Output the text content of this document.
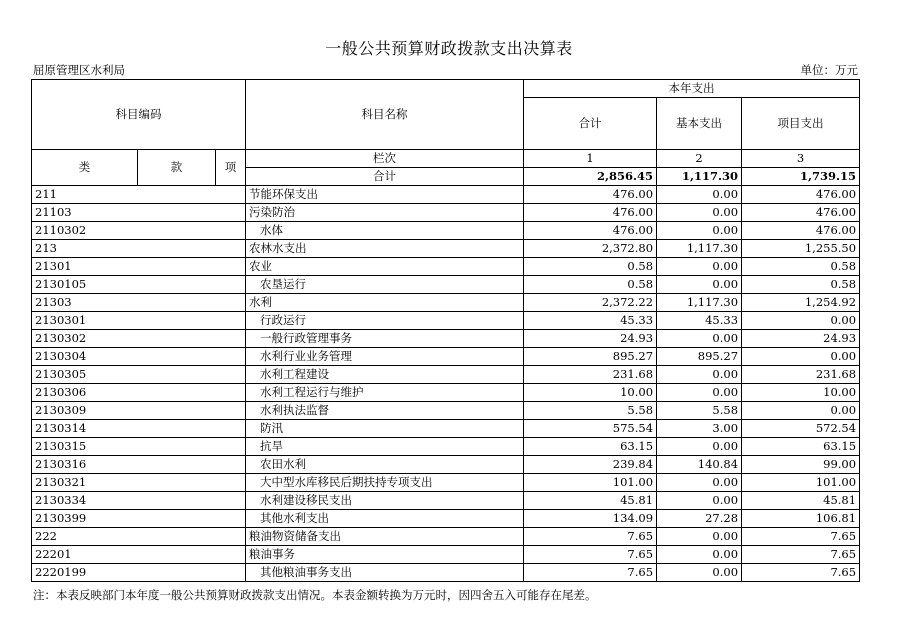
一般公共预算财政拨款支出决算表
屈原管理区水利局	单位：万元
科目编码			科目名称	本年支出		
				合计	基本支出	项目支出

类	款	项	栏次	1	2	3
			合计	2,856.45	1,117.30	1,739.15
211			节能环保支出	476.00	0.00	476.00
21103			污染防治	476.00	0.00	476.00
2110302			水体	476.00	0.00	476.00
213			农林水支出	2,372.80	1,117.30	1,255.50
21301			农业	0.58	0.00	0.58
2130105			农垦运行	0.58	0.00	0.58
21303			水利	2,372.22	1,117.30	1,254.92
2130301			行政运行	45.33	45.33	0.00
2130302			一般行政管理事务	24.93	0.00	24.93
2130304			水利行业业务管理	895.27	895.27	0.00
2130305			水利工程建设	231.68	0.00	231.68
2130306			水利工程运行与维护	10.00	0.00	10.00
2130309			水利执法监督	5.58	5.58	0.00
2130314			防汛	575.54	3.00	572.54
2130315			抗旱	63.15	0.00	63.15
2130316			农田水利	239.84	140.84	99.00
2130321			大中型水库移民后期扶持专项支出	101.00	0.00	101.00
2130334			水利建设移民支出	45.81	0.00	45.81
2130399			其他水利支出	134.09	27.28	106.81
222			粮油物资储备支出	7.65	0.00	7.65
22201			粮油事务	7.65	0.00	7.65
2220199			其他粮油事务支出	7.65	0.00	7.65
注：本表反映部门本年度一般公共预算财政拨款支出情况。本表金额转换为万元时，因四舍五入可能存在尾差。
